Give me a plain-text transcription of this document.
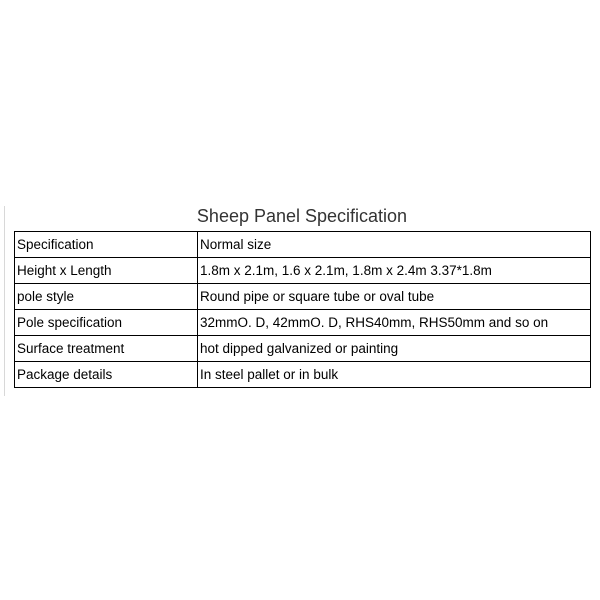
Sheep Panel Specification
Specification	Normal size
Height x Length	1.8m x 2.1m, 1.6 x 2.1m, 1.8m x 2.4m 3.37*1.8m
pole style	Round pipe or square tube or oval tube
Pole specification	32mmO. D, 42mmO. D, RHS40mm, RHS50mm and so on
Surface treatment	hot dipped galvanized or painting
Package details	In steel pallet or in bulk
